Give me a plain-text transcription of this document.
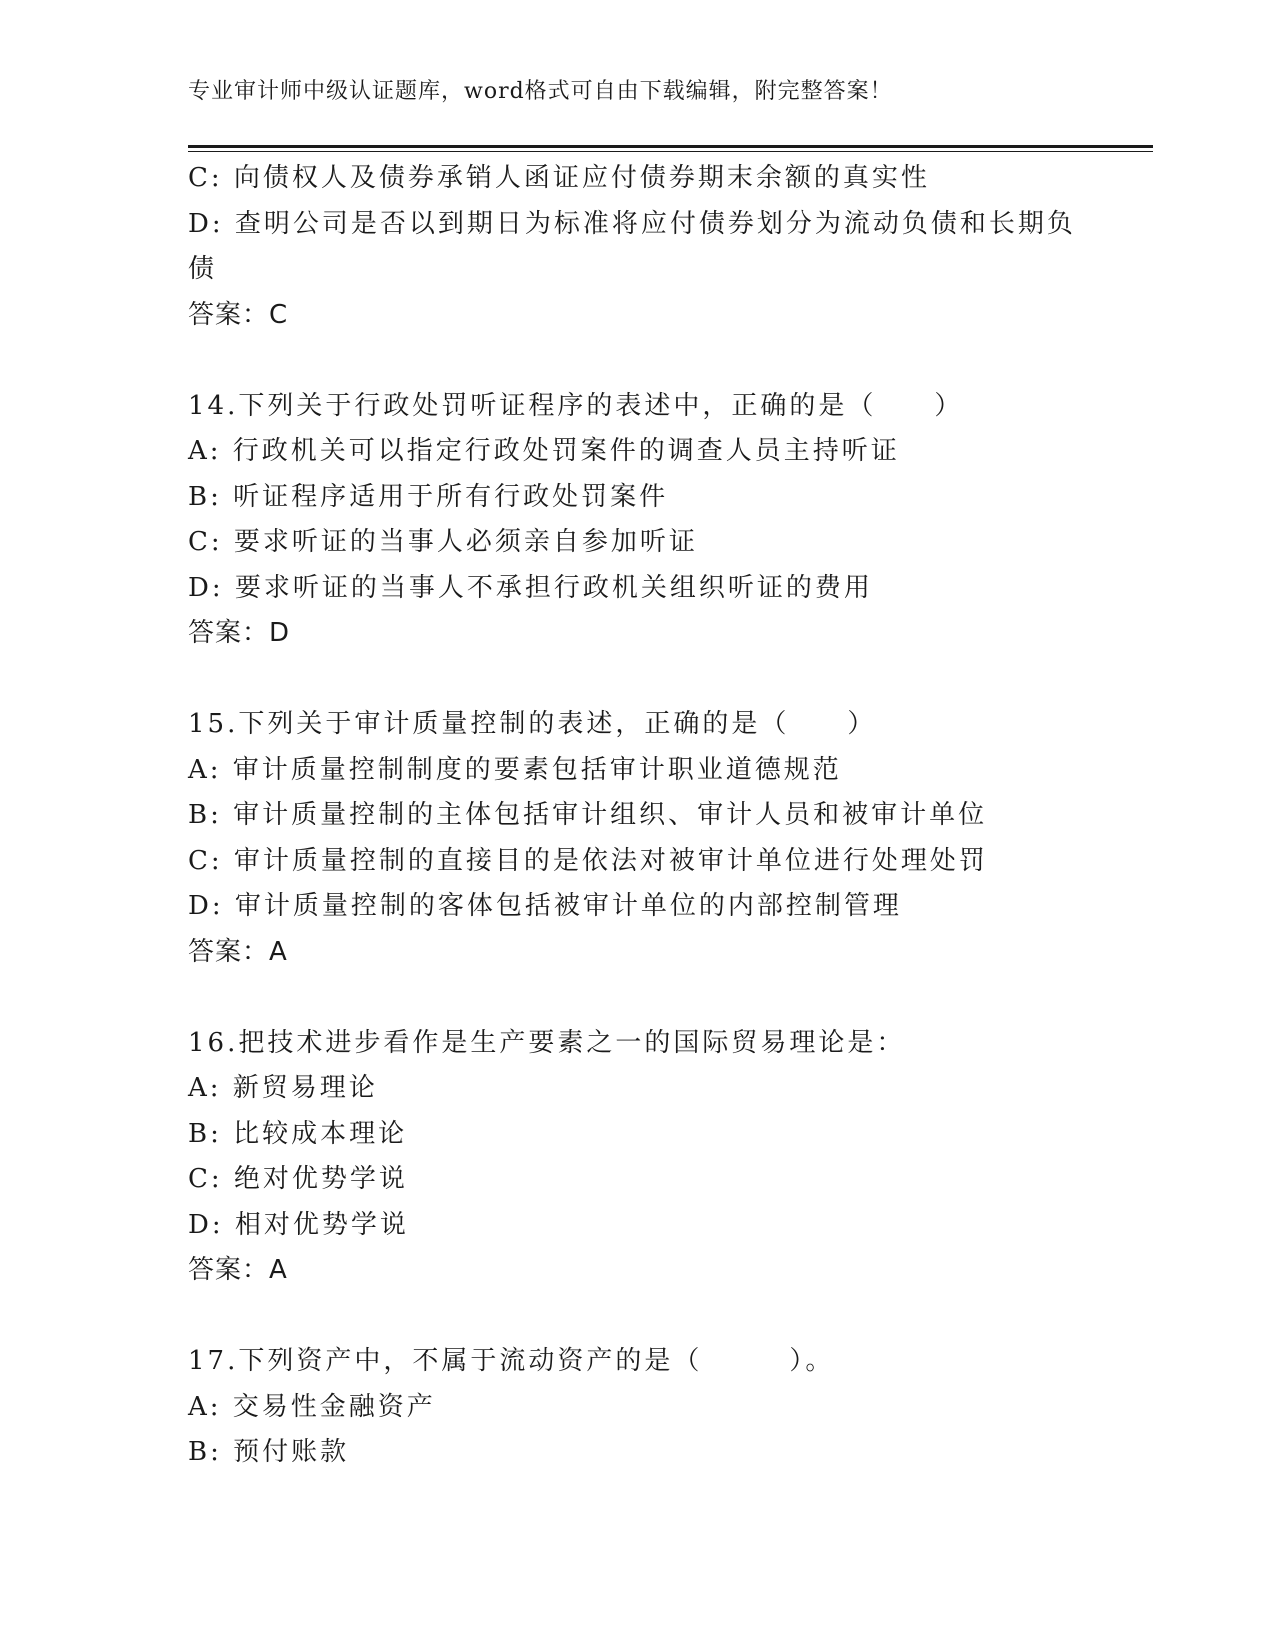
专业审计师中级认证题库，word格式可自由下载编辑，附完整答案！
C: 向债权人及债券承销人函证应付债券期末余额的真实性
D: 查明公司是否以到期日为标准将应付债券划分为流动负债和长期负
债
答案：C
14.下列关于行政处罚听证程序的表述中，正确的是（　　）
A: 行政机关可以指定行政处罚案件的调查人员主持听证
B: 听证程序适用于所有行政处罚案件
C: 要求听证的当事人必须亲自参加听证
D: 要求听证的当事人不承担行政机关组织听证的费用
答案：D
15.下列关于审计质量控制的表述，正确的是（　　）
A: 审计质量控制制度的要素包括审计职业道德规范
B: 审计质量控制的主体包括审计组织、审计人员和被审计单位
C: 审计质量控制的直接目的是依法对被审计单位进行处理处罚
D: 审计质量控制的客体包括被审计单位的内部控制管理
答案：A
16.把技术进步看作是生产要素之一的国际贸易理论是：
A: 新贸易理论
B: 比较成本理论
C: 绝对优势学说
D: 相对优势学说
答案：A
17.下列资产中，不属于流动资产的是（　　　）。
A: 交易性金融资产
B: 预付账款
